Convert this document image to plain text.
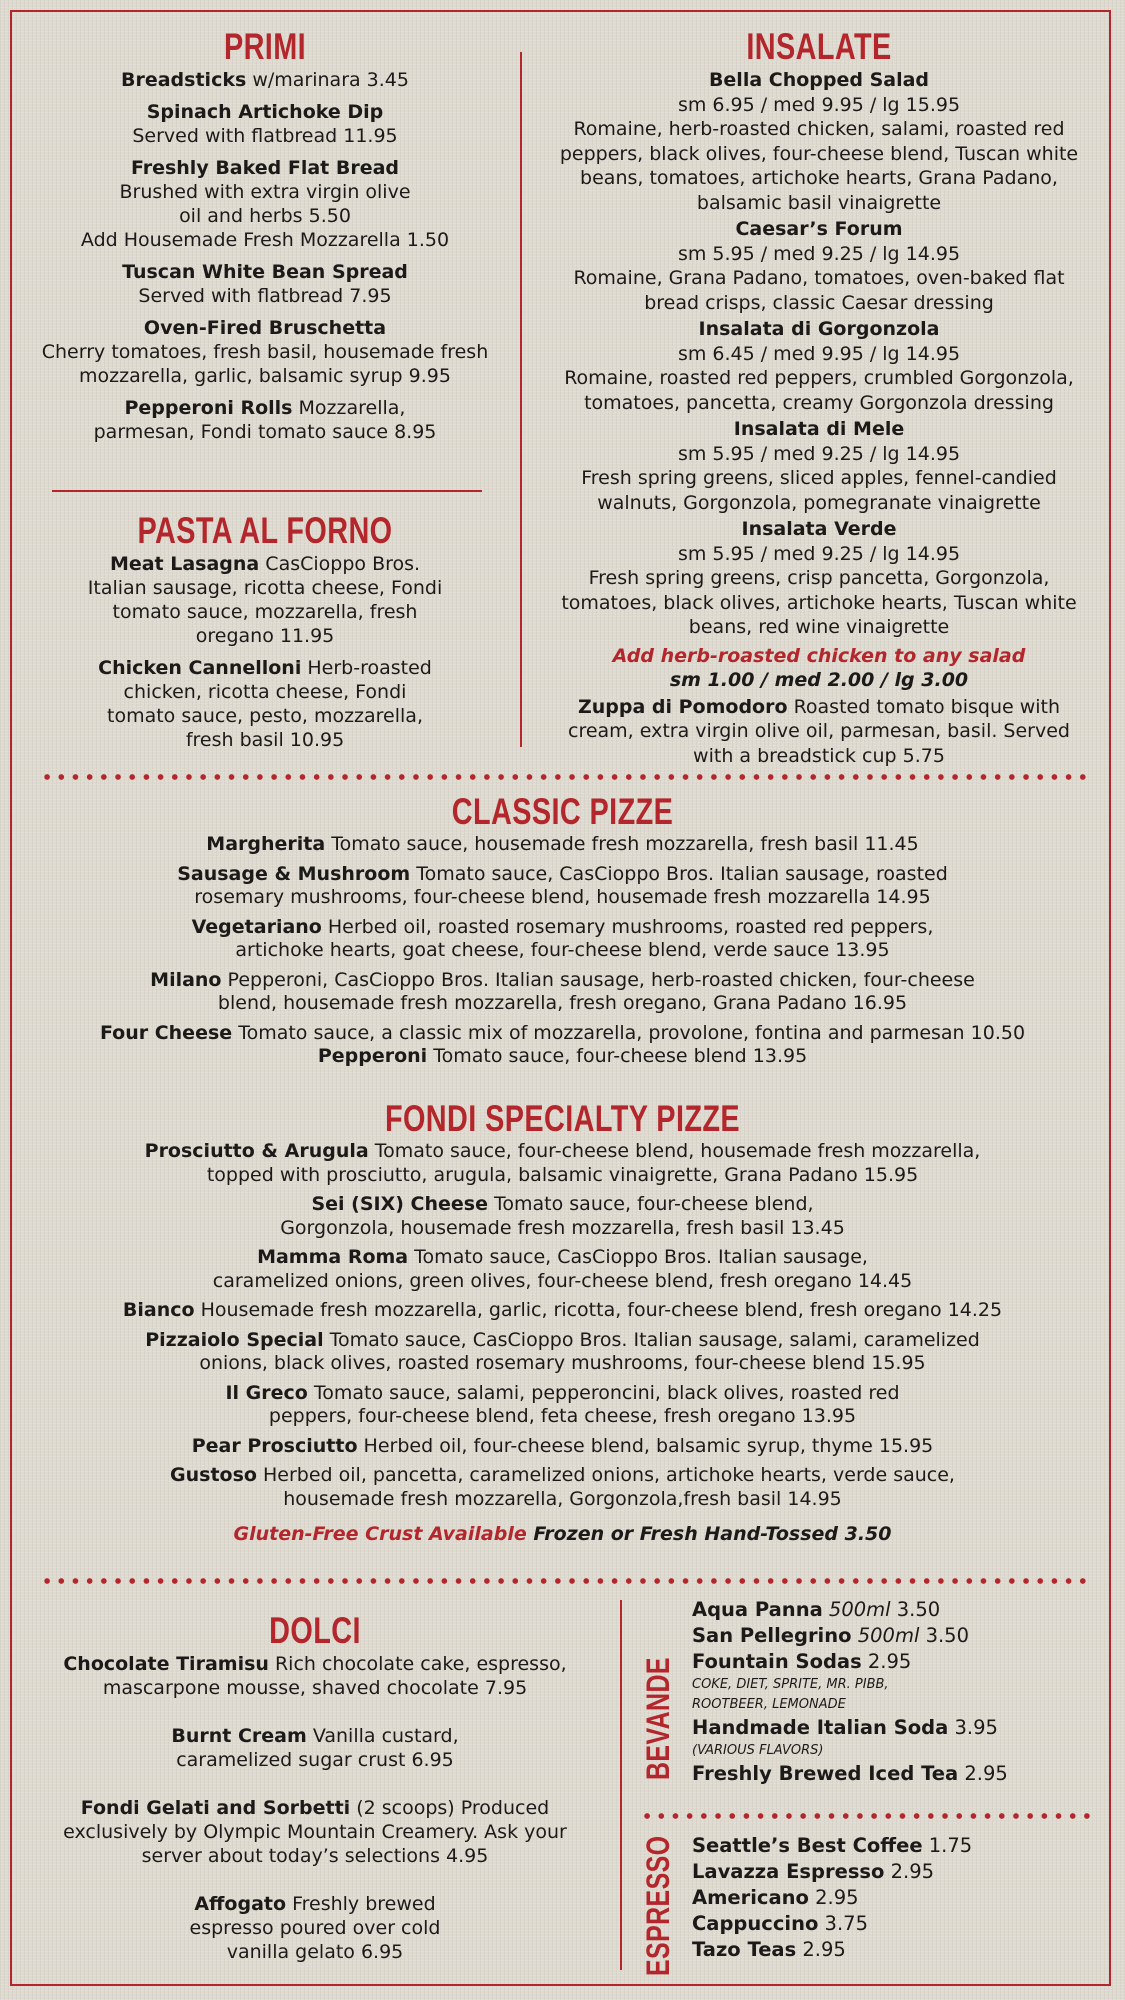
PRIMI
Breadsticks w/marinara 3.45
Spinach Artichoke Dip
Served with flatbread 11.95
Freshly Baked Flat Bread
Brushed with extra virgin olive oil and herbs 5.50
Add Housemade Fresh Mozzarella 1.50
Tuscan White Bean Spread
Served with flatbread 7.95
Oven-Fired Bruschetta
Cherry tomatoes, fresh basil, housemade fresh mozzarella, garlic, balsamic syrup 9.95
Pepperoni Rolls Mozzarella, parmesan, Fondi tomato sauce 8.95
PASTA AL FORNO
Meat Lasagna CasCioppo Bros. Italian sausage, ricotta cheese, Fondi tomato sauce, mozzarella, fresh oregano 11.95
Chicken Cannelloni Herb-roasted chicken, ricotta cheese, Fondi tomato sauce, pesto, mozzarella, fresh basil 10.95
INSALATE
Bella Chopped Salad
sm 6.95 / med 9.95 / lg 15.95
Romaine, herb-roasted chicken, salami, roasted red peppers, black olives, four-cheese blend, Tuscan white beans, tomatoes, artichoke hearts, Grana Padano, balsamic basil vinaigrette
Caesar’s Forum
sm 5.95 / med 9.25 / lg 14.95
Romaine, Grana Padano, tomatoes, oven-baked flat bread crisps, classic Caesar dressing
Insalata di Gorgonzola
sm 6.45 / med 9.95 / lg 14.95
Romaine, roasted red peppers, crumbled Gorgonzola, tomatoes, pancetta, creamy Gorgonzola dressing
Insalata di Mele
sm 5.95 / med 9.25 / lg 14.95
Fresh spring greens, sliced apples, fennel-candied walnuts, Gorgonzola, pomegranate vinaigrette
Insalata Verde
sm 5.95 / med 9.25 / lg 14.95
Fresh spring greens, crisp pancetta, Gorgonzola, tomatoes, black olives, artichoke hearts, Tuscan white beans, red wine vinaigrette
Add herb-roasted chicken to any salad
sm 1.00 / med 2.00 / lg 3.00
Zuppa di Pomodoro Roasted tomato bisque with cream, extra virgin olive oil, parmesan, basil. Served with a breadstick cup 5.75
CLASSIC PIZZE
Margherita Tomato sauce, housemade fresh mozzarella, fresh basil 11.45
Sausage & Mushroom Tomato sauce, CasCioppo Bros. Italian sausage, roasted rosemary mushrooms, four-cheese blend, housemade fresh mozzarella 14.95
Vegetariano Herbed oil, roasted rosemary mushrooms, roasted red peppers, artichoke hearts, goat cheese, four-cheese blend, verde sauce 13.95
Milano Pepperoni, CasCioppo Bros. Italian sausage, herb-roasted chicken, four-cheese blend, housemade fresh mozzarella, fresh oregano, Grana Padano 16.95
Four Cheese Tomato sauce, a classic mix of mozzarella, provolone, fontina and parmesan 10.50
Pepperoni Tomato sauce, four-cheese blend 13.95
FONDI SPECIALTY PIZZE
Prosciutto & Arugula Tomato sauce, four-cheese blend, housemade fresh mozzarella, topped with prosciutto, arugula, balsamic vinaigrette, Grana Padano 15.95
Sei (SIX) Cheese Tomato sauce, four-cheese blend, Gorgonzola, housemade fresh mozzarella, fresh basil 13.45
Mamma Roma Tomato sauce, CasCioppo Bros. Italian sausage, caramelized onions, green olives, four-cheese blend, fresh oregano 14.45
Bianco Housemade fresh mozzarella, garlic, ricotta, four-cheese blend, fresh oregano 14.25
Pizzaiolo Special Tomato sauce, CasCioppo Bros. Italian sausage, salami, caramelized onions, black olives, roasted rosemary mushrooms, four-cheese blend 15.95
Il Greco Tomato sauce, salami, pepperoncini, black olives, roasted red peppers, four-cheese blend, feta cheese, fresh oregano 13.95
Pear Prosciutto Herbed oil, four-cheese blend, balsamic syrup, thyme 15.95
Gustoso Herbed oil, pancetta, caramelized onions, artichoke hearts, verde sauce, housemade fresh mozzarella, Gorgonzola,fresh basil 14.95
Gluten-Free Crust Available Frozen or Fresh Hand-Tossed 3.50
DOLCI
Chocolate Tiramisu Rich chocolate cake, espresso, mascarpone mousse, shaved chocolate 7.95
Burnt Cream Vanilla custard, caramelized sugar crust 6.95
Fondi Gelati and Sorbetti (2 scoops) Produced exclusively by Olympic Mountain Creamery. Ask your server about today’s selections 4.95
Affogato Freshly brewed espresso poured over cold vanilla gelato 6.95
BEVANDE
Aqua Panna 500ml 3.50
San Pellegrino 500ml 3.50
Fountain Sodas 2.95
COKE, DIET, SPRITE, MR. PIBB,
ROOTBEER, LEMONADE
Handmade Italian Soda 3.95
(VARIOUS FLAVORS)
Freshly Brewed Iced Tea 2.95
ESPRESSO Seattle’s Best Coffee 1.75
Lavazza Espresso 2.95
Americano 2.95
Cappuccino 3.75
Tazo Teas 2.95
